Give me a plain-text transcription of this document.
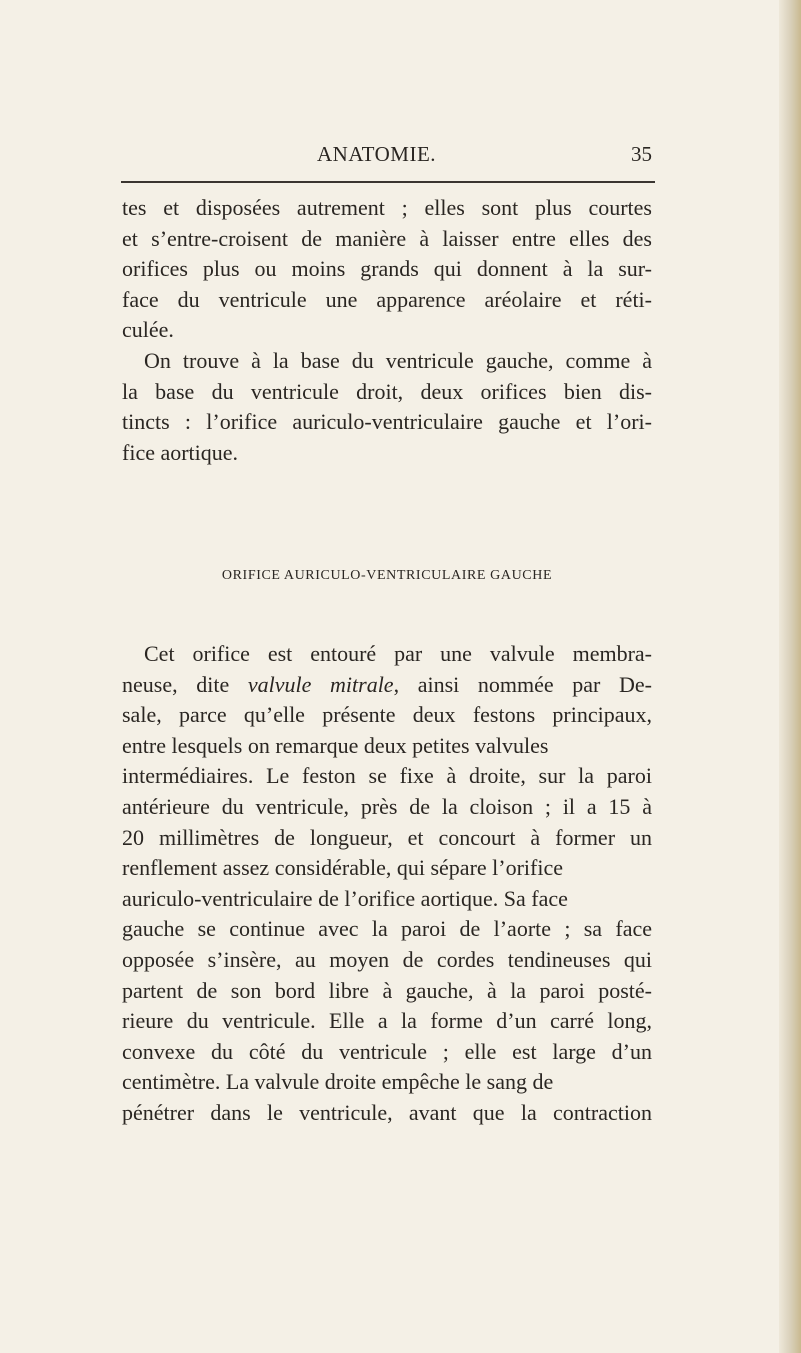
ANATOMIE.	35
tes et disposées autrement ; elles sont plus courtes
et s’entre-croisent de manière à laisser entre elles des
orifices plus ou moins grands qui donnent à la sur-
face du ventricule une apparence aréolaire et réti-
culée.
On trouve à la base du ventricule gauche, comme à
la base du ventricule droit, deux orifices bien dis-
tincts : l’orifice auriculo-ventriculaire gauche et l’ori-
fice aortique.
ORIFICE AURICULO-VENTRICULAIRE GAUCHE
Cet orifice est entouré par une valvule membra-
neuse, dite valvule mitrale, ainsi nommée par De-
sale, parce qu’elle présente deux festons principaux,
entre lesquels on remarque deux petites valvules
intermédiaires. Le feston se fixe à droite, sur la paroi
antérieure du ventricule, près de la cloison ; il a 15 à
20 millimètres de longueur, et concourt à former un
renflement assez considérable, qui sépare l’orifice
auriculo-ventriculaire de l’orifice aortique. Sa face
gauche se continue avec la paroi de l’aorte ; sa face
opposée s’insère, au moyen de cordes tendineuses qui
partent de son bord libre à gauche, à la paroi posté-
rieure du ventricule. Elle a la forme d’un carré long,
convexe du côté du ventricule ; elle est large d’un
centimètre. La valvule droite empêche le sang de
pénétrer dans le ventricule, avant que la contraction
